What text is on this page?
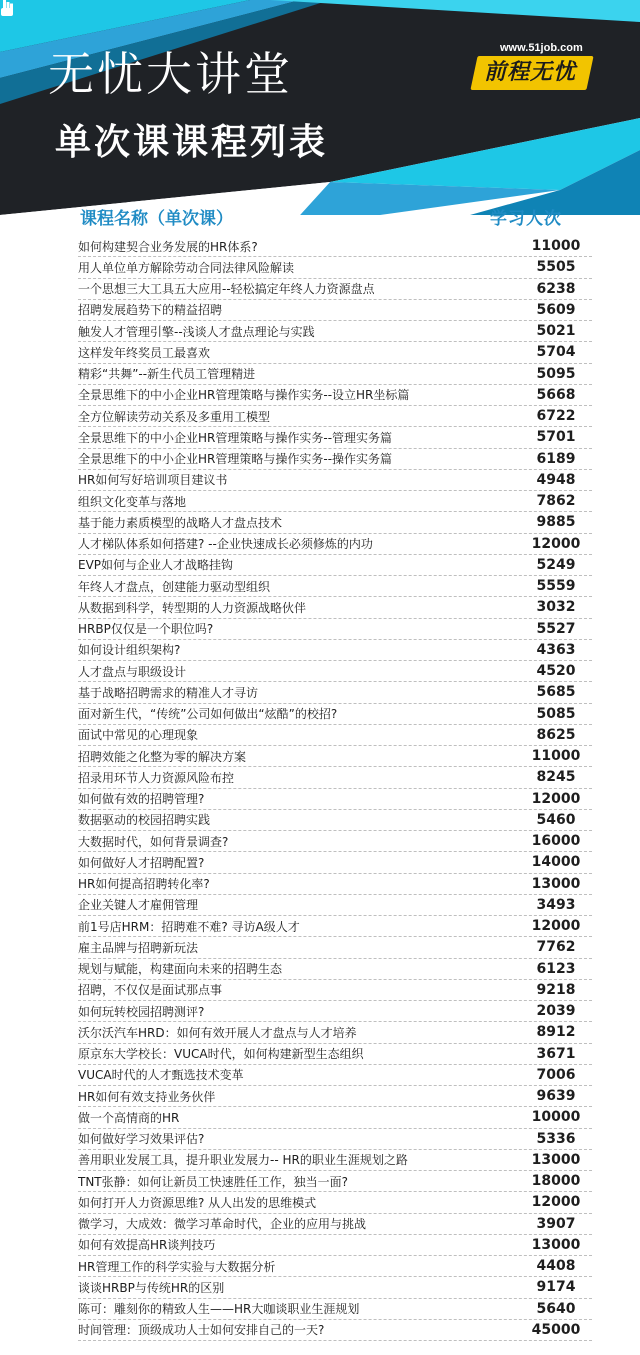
无忧大讲堂
单次课课程列表
www.51job.com
前程无忧
课程名称（单次课）	学习人次
如何构建契合业务发展的HR体系?	11000
用人单位单方解除劳动合同法律风险解读	5505
一个思想三大工具五大应用--轻松搞定年终人力资源盘点	6238
招聘发展趋势下的精益招聘	5609
触发人才管理引擎--浅谈人才盘点理论与实践	5021
这样发年终奖员工最喜欢	5704
精彩“共舞”--新生代员工管理精进	5095
全景思维下的中小企业HR管理策略与操作实务--设立HR坐标篇	5668
全方位解读劳动关系及多重用工模型	6722
全景思维下的中小企业HR管理策略与操作实务--管理实务篇	5701
全景思维下的中小企业HR管理策略与操作实务--操作实务篇	6189
HR如何写好培训项目建议书	4948
组织文化变革与落地	7862
基于能力素质模型的战略人才盘点技术	9885
人才梯队体系如何搭建? --企业快速成长必须修炼的内功	12000
EVP如何与企业人才战略挂钩	5249
年终人才盘点，创建能力驱动型组织	5559
从数据到科学，转型期的人力资源战略伙伴	3032
HRBP仅仅是一个职位吗?	5527
如何设计组织架构?	4363
人才盘点与职级设计	4520
基于战略招聘需求的精准人才寻访	5685
面对新生代，“传统”公司如何做出“炫酷”的校招?	5085
面试中常见的心理现象	8625
招聘效能之化整为零的解决方案	11000
招录用环节人力资源风险布控	8245
如何做有效的招聘管理?	12000
数据驱动的校园招聘实践	5460
大数据时代，如何背景调查?	16000
如何做好人才招聘配置?	14000
HR如何提高招聘转化率?	13000
企业关键人才雇佣管理	3493
前1号店HRM：招聘难不难? 寻访A级人才	12000
雇主品牌与招聘新玩法	7762
规划与赋能，构建面向未来的招聘生态	6123
招聘，不仅仅是面试那点事	9218
如何玩转校园招聘测评?	2039
沃尔沃汽车HRD：如何有效开展人才盘点与人才培养	8912
原京东大学校长：VUCA时代，如何构建新型生态组织	3671
VUCA时代的人才甄选技术变革	7006
HR如何有效支持业务伙伴	9639
做一个高情商的HR	10000
如何做好学习效果评估?	5336
善用职业发展工具，提升职业发展力-- HR的职业生涯规划之路	13000
TNT张静：如何让新员工快速胜任工作，独当一面?	18000
如何打开人力资源思维? 从人出发的思维模式	12000
微学习，大成效：微学习革命时代，企业的应用与挑战	3907
如何有效提高HR谈判技巧	13000
HR管理工作的科学实验与大数据分析	4408
谈谈HRBP与传统HR的区别	9174
陈可：雕刻你的精致人生——HR大咖谈职业生涯规划	5640
时间管理：顶级成功人士如何安排自己的一天?	45000
